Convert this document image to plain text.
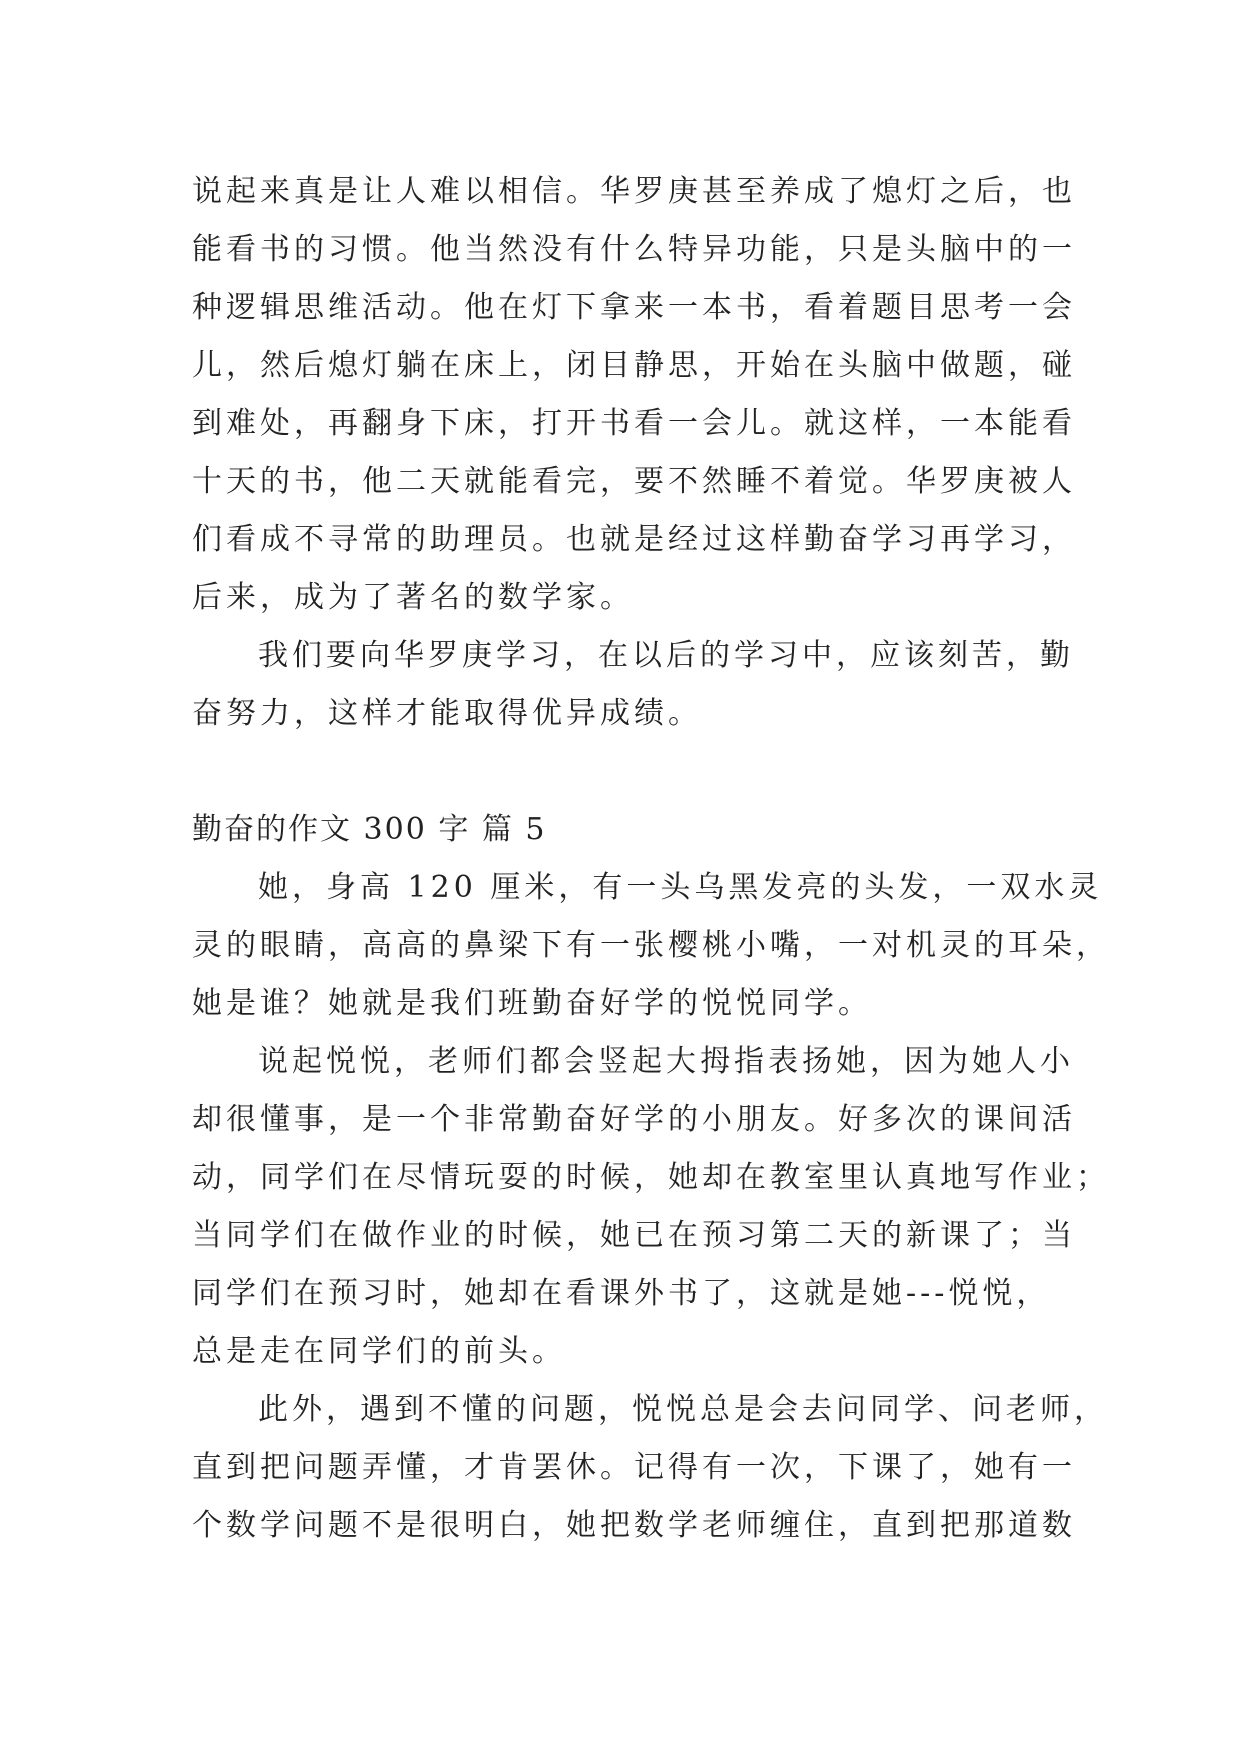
说起来真是让人难以相信。华罗庚甚至养成了熄灯之后，也
能看书的习惯。他当然没有什么特异功能，只是头脑中的一
种逻辑思维活动。他在灯下拿来一本书，看着题目思考一会
儿，然后熄灯躺在床上，闭目静思，开始在头脑中做题，碰
到难处，再翻身下床，打开书看一会儿。就这样，一本能看
十天的书，他二天就能看完，要不然睡不着觉。华罗庚被人
们看成不寻常的助理员。也就是经过这样勤奋学习再学习，
后来，成为了著名的数学家。
我们要向华罗庚学习，在以后的学习中，应该刻苦，勤
奋努力，这样才能取得优异成绩。
勤奋的作文 300 字 篇 5
她，身高 120 厘米，有一头乌黑发亮的头发，一双水灵
灵的眼睛，高高的鼻梁下有一张樱桃小嘴，一对机灵的耳朵，
她是谁？她就是我们班勤奋好学的悦悦同学。
说起悦悦，老师们都会竖起大拇指表扬她，因为她人小
却很懂事，是一个非常勤奋好学的小朋友。好多次的课间活
动，同学们在尽情玩耍的时候，她却在教室里认真地写作业；
当同学们在做作业的时候，她已在预习第二天的新课了；当
同学们在预习时，她却在看课外书了，这就是她---悦悦，
总是走在同学们的前头。
此外，遇到不懂的问题，悦悦总是会去问同学、问老师，
直到把问题弄懂，才肯罢休。记得有一次，下课了，她有一
个数学问题不是很明白，她把数学老师缠住，直到把那道数
